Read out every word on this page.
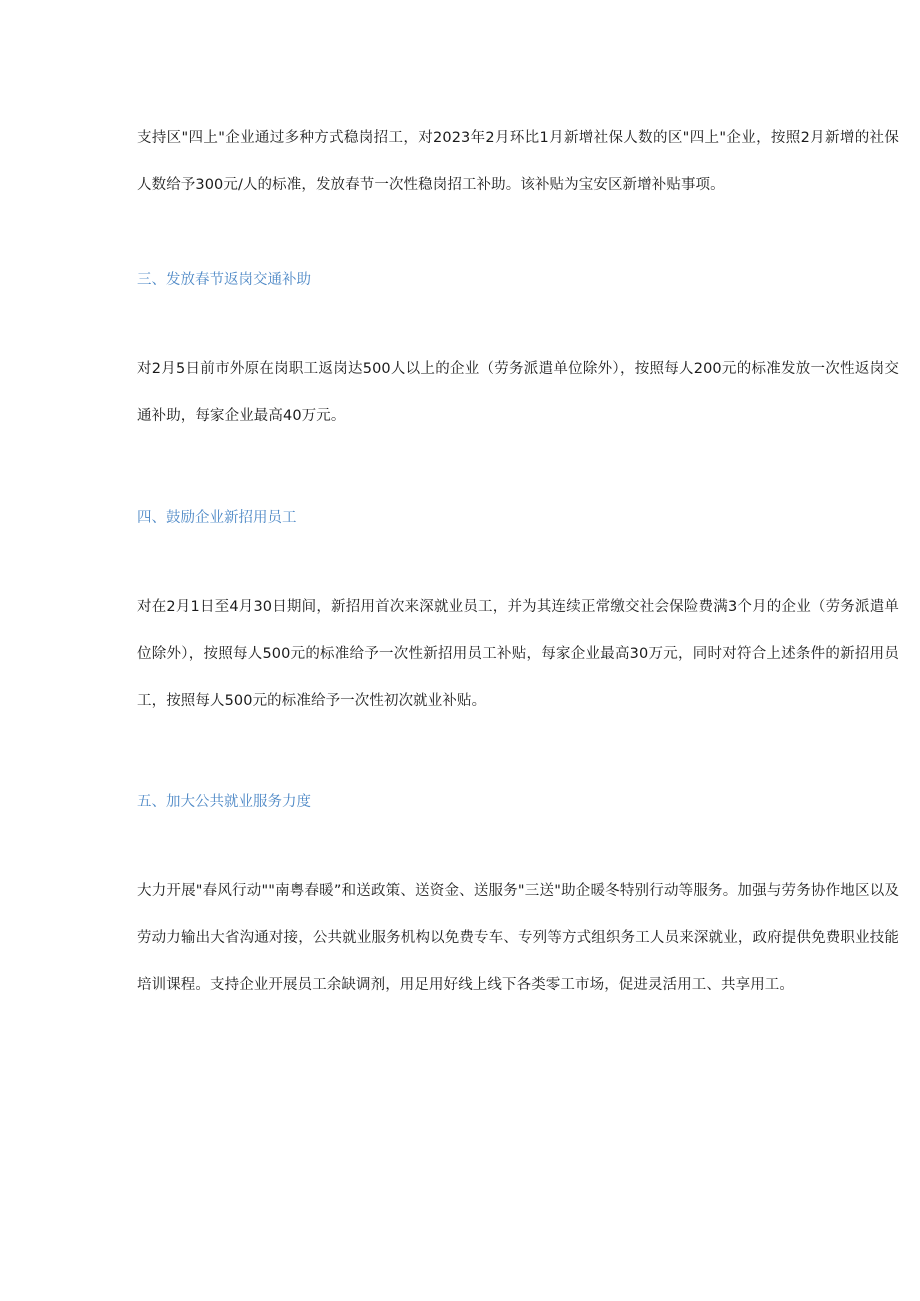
支持区"四上"企业通过多种方式稳岗招工，对2023年2月环比1月新增社保人数的区"四上"企业，按照2月新增的社保人数给予300元/人的标准，发放春节一次性稳岗招工补助。该补贴为宝安区新增补贴事项。

三、发放春节返岗交通补助

对2月5日前市外原在岗职工返岗达500人以上的企业（劳务派遣单位除外），按照每人200元的标准发放一次性返岗交通补助，每家企业最高40万元。

四、鼓励企业新招用员工

对在2月1日至4月30日期间，新招用首次来深就业员工，并为其连续正常缴交社会保险费满3个月的企业（劳务派遣单位除外），按照每人500元的标准给予一次性新招用员工补贴，每家企业最高30万元，同时对符合上述条件的新招用员工，按照每人500元的标准给予一次性初次就业补贴。

五、加大公共就业服务力度

大力开展"春风行动""南粤春暖”和送政策、送资金、送服务"三送"助企暖冬特别行动等服务。加强与劳务协作地区以及劳动力输出大省沟通对接，公共就业服务机构以免费专车、专列等方式组织务工人员来深就业，政府提供免费职业技能培训课程。支持企业开展员工余缺调剂，用足用好线上线下各类零工市场，促进灵活用工、共享用工。
